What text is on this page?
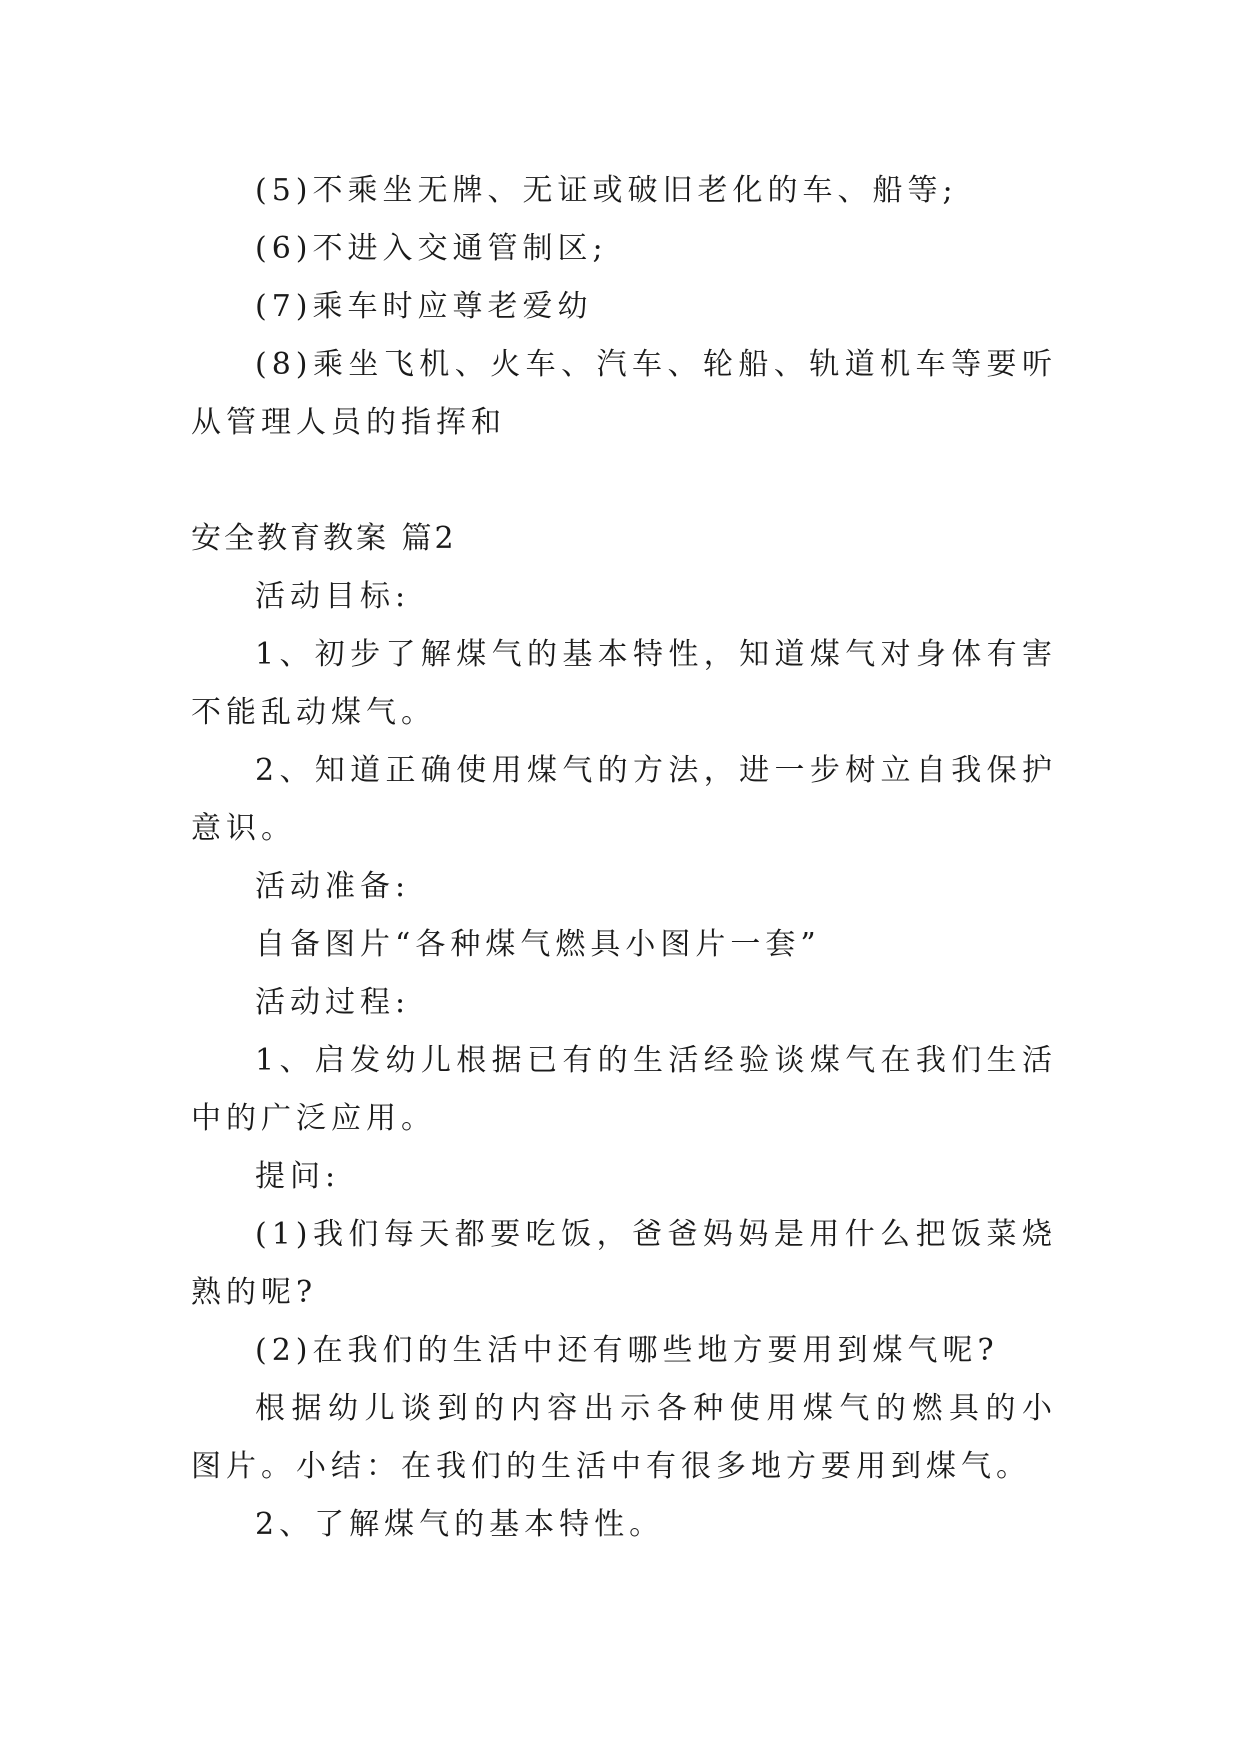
(5)不乘坐无牌、无证或破旧老化的车、船等;

(6)不进入交通管制区;

(7)乘车时应尊老爱幼

(8)乘坐飞机、火车、汽车、轮船、轨道机车等要听从管理人员的指挥和

安全教育教案 篇2

活动目标:

1、初步了解煤气的基本特性，知道煤气对身体有害不能乱动煤气。

2、知道正确使用煤气的方法，进一步树立自我保护意识。

活动准备:

自备图片“各种煤气燃具小图片一套”

活动过程:

1、启发幼儿根据已有的生活经验谈煤气在我们生活中的广泛应用。

提问:

(1)我们每天都要吃饭，爸爸妈妈是用什么把饭菜烧熟的呢?

(2)在我们的生活中还有哪些地方要用到煤气呢?

根据幼儿谈到的内容出示各种使用煤气的燃具的小图片。小结：在我们的生活中有很多地方要用到煤气。

2、了解煤气的基本特性。
